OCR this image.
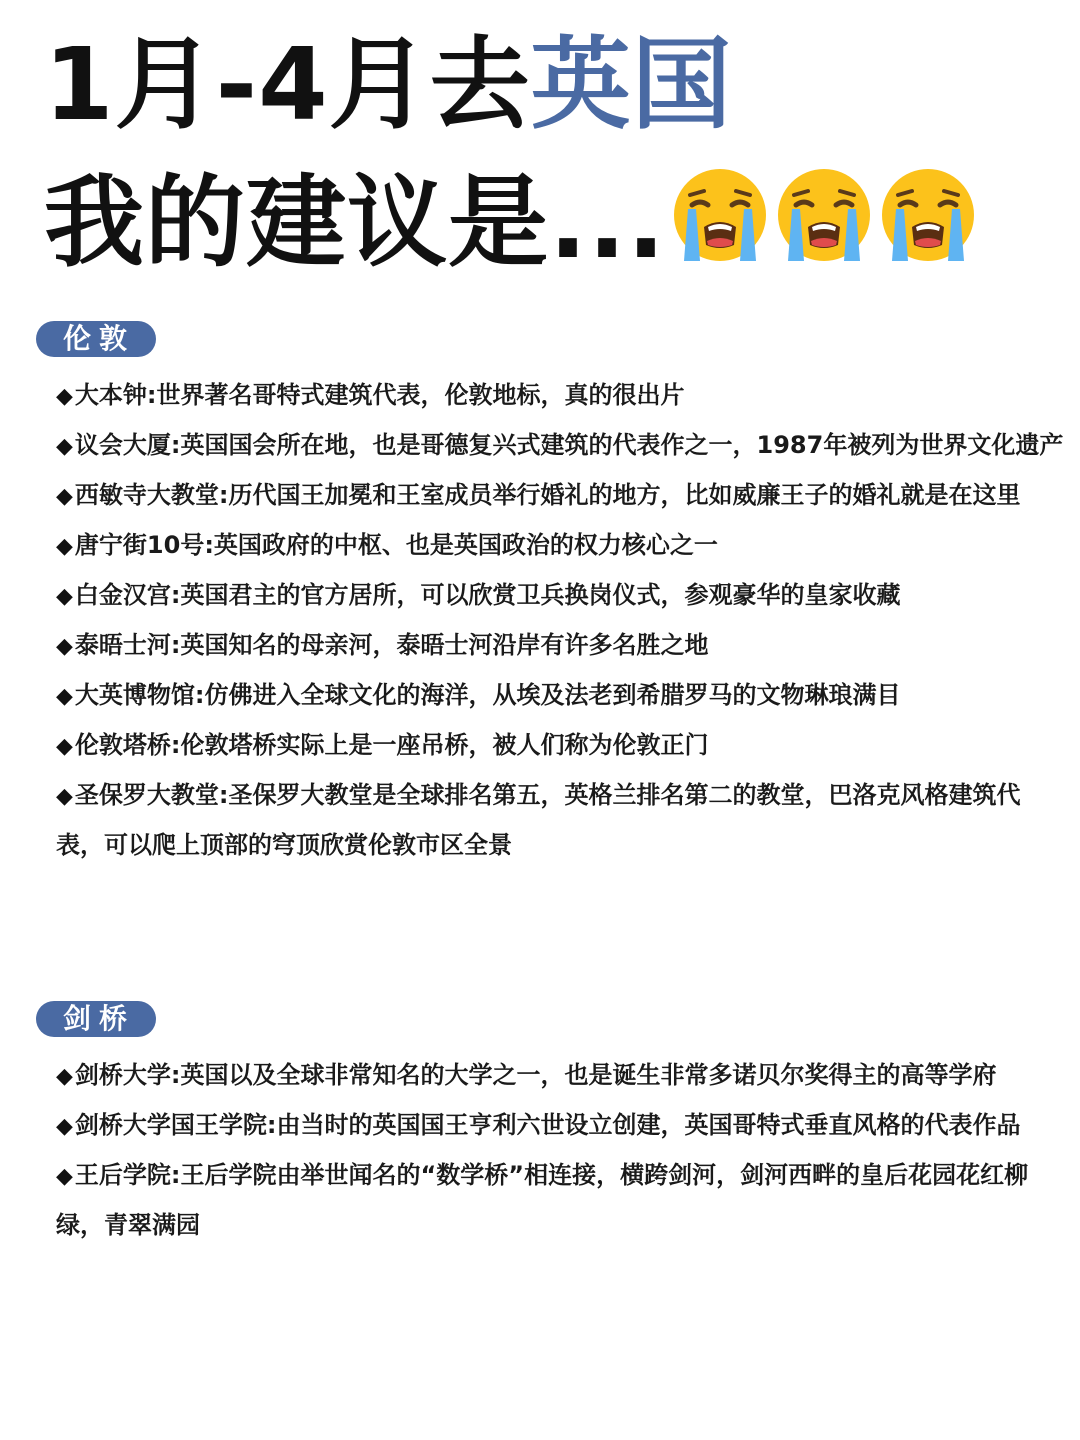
1月-4月去英国
我的建议是...
伦敦
◆大本钟:世界著名哥特式建筑代表，伦敦地标，真的很出片
◆议会大厦:英国国会所在地，也是哥德复兴式建筑的代表作之一，1987年被列为世界文化遗产
◆西敏寺大教堂:历代国王加冕和王室成员举行婚礼的地方，比如威廉王子的婚礼就是在这里
◆唐宁街10号:英国政府的中枢、也是英国政治的权力核心之一
◆白金汉宫:英国君主的官方居所，可以欣赏卫兵换岗仪式，参观豪华的皇家收藏
◆泰晤士河:英国知名的母亲河，泰晤士河沿岸有许多名胜之地
◆大英博物馆:仿佛进入全球文化的海洋，从埃及法老到希腊罗马的文物琳琅满目
◆伦敦塔桥:伦敦塔桥实际上是一座吊桥，被人们称为伦敦正门
◆圣保罗大教堂:圣保罗大教堂是全球排名第五，英格兰排名第二的教堂，巴洛克风格建筑代表，可以爬上顶部的穹顶欣赏伦敦市区全景
剑桥
◆剑桥大学:英国以及全球非常知名的大学之一，也是诞生非常多诺贝尔奖得主的高等学府
◆剑桥大学国王学院:由当时的英国国王亨利六世设立创建，英国哥特式垂直风格的代表作品
◆王后学院:王后学院由举世闻名的“数学桥”相连接，横跨剑河，剑河西畔的皇后花园花红柳绿，青翠满园
